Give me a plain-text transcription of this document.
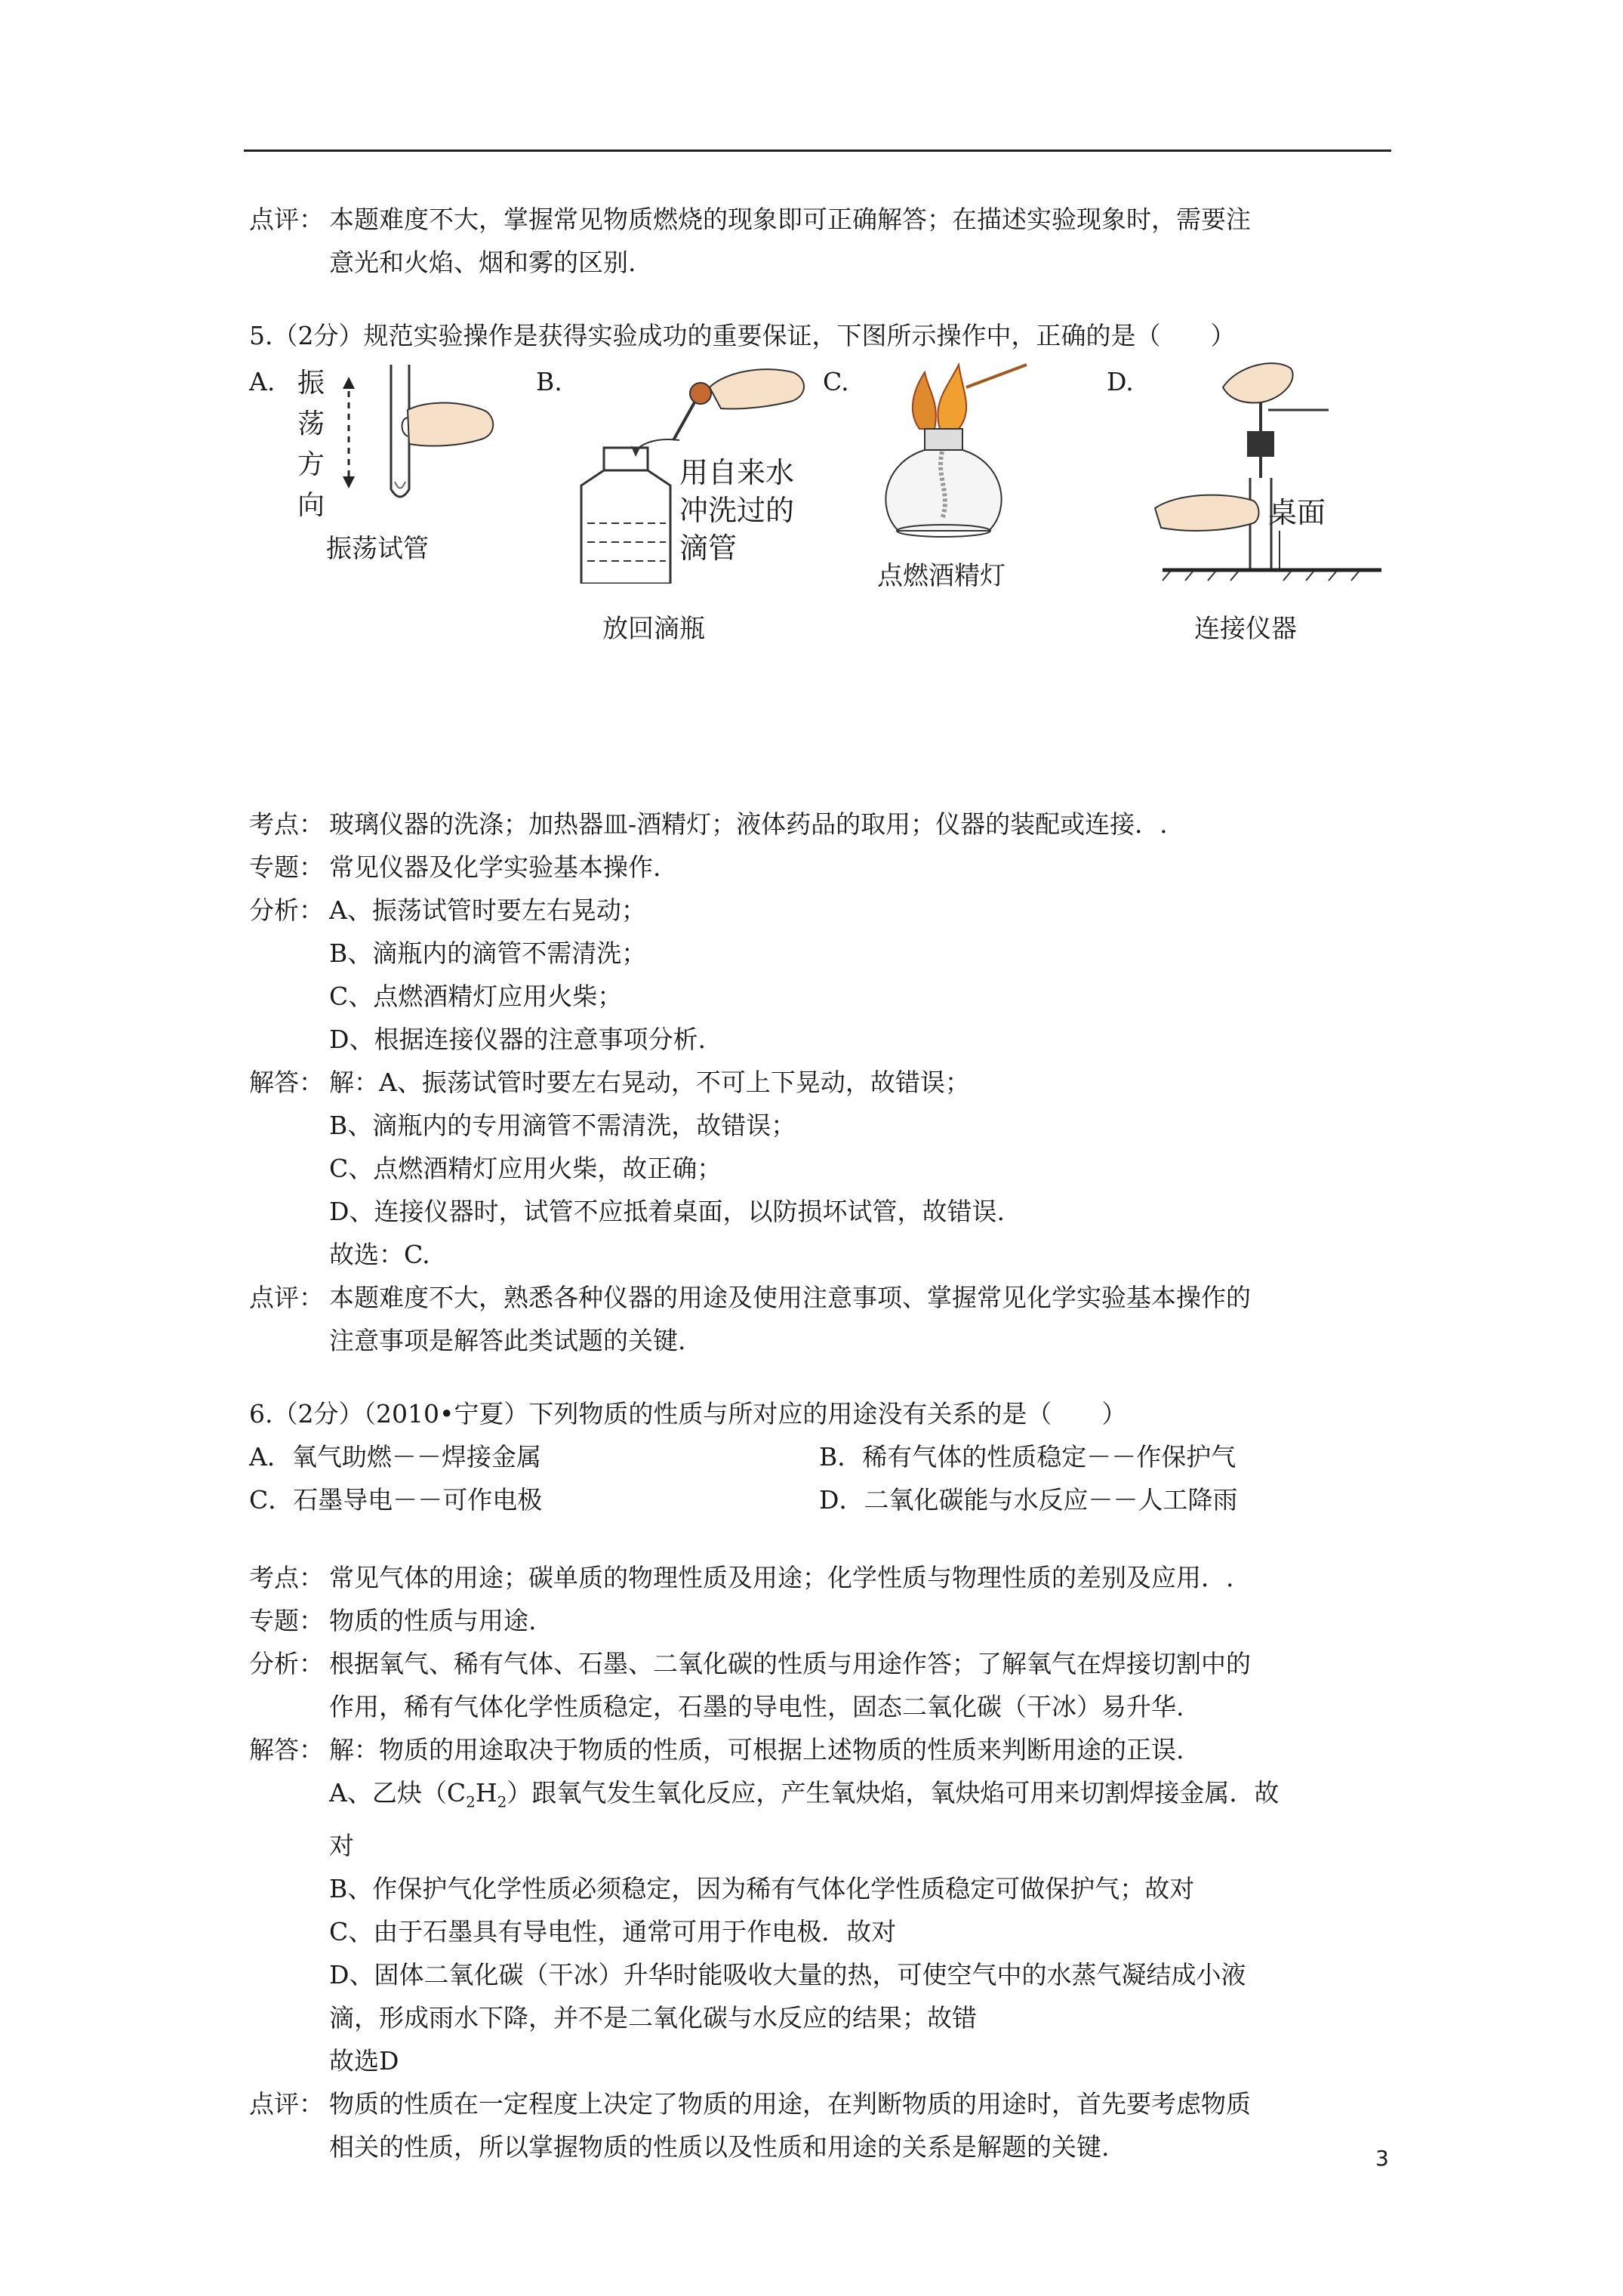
点评： 本题难度不大，掌握常见物质燃烧的现象即可正确解答；在描述实验现象时，需要注
意光和火焰、烟和雾的区别.
5.（2分）规范实验操作是获得实验成功的重要保证，下图所示操作中，正确的是（　　）
A.	B.	C.	D.
振
荡
方
向
振荡试管
用自来水
冲洗过的
滴管
放回滴瓶
点燃酒精灯
桌面
连接仪器
考点： 玻璃仪器的洗涤；加热器皿-酒精灯；液体药品的取用；仪器的装配或连接．.
专题： 常见仪器及化学实验基本操作.
分析： A、振荡试管时要左右晃动；
B、滴瓶内的滴管不需清洗；
C、点燃酒精灯应用火柴；
D、根据连接仪器的注意事项分析.
解答： 解：A、振荡试管时要左右晃动，不可上下晃动，故错误；
B、滴瓶内的专用滴管不需清洗，故错误；
C、点燃酒精灯应用火柴，故正确；
D、连接仪器时，试管不应抵着桌面，以防损坏试管，故错误.
故选：C.
点评： 本题难度不大，熟悉各种仪器的用途及使用注意事项、掌握常见化学实验基本操作的
注意事项是解答此类试题的关键.
6.（2分）（2010•宁夏）下列物质的性质与所对应的用途没有关系的是（　　）
A．氧气助燃－－焊接金属	B．稀有气体的性质稳定－－作保护气
C．石墨导电－－可作电极	D．二氧化碳能与水反应－－人工降雨
考点： 常见气体的用途；碳单质的物理性质及用途；化学性质与物理性质的差别及应用．.
专题： 物质的性质与用途.
分析： 根据氧气、稀有气体、石墨、二氧化碳的性质与用途作答；了解氧气在焊接切割中的
作用，稀有气体化学性质稳定，石墨的导电性，固态二氧化碳（干冰）易升华.
解答： 解：物质的用途取决于物质的性质，可根据上述物质的性质来判断用途的正误.
A、乙炔$(C_2H_2)$跟氧气发生氧化反应，产生氧炔焰，氧炔焰可用来切割焊接金属．故
对
B、作保护气化学性质必须稳定，因为稀有气体化学性质稳定可做保护气；故对
C、由于石墨具有导电性，通常可用于作电极．故对
D、固体二氧化碳（干冰）升华时能吸收大量的热，可使空气中的水蒸气凝结成小液
滴，形成雨水下降，并不是二氧化碳与水反应的结果；故错
故选D
点评： 物质的性质在一定程度上决定了物质的用途，在判断物质的用途时，首先要考虑物质
相关的性质，所以掌握物质的性质以及性质和用途的关系是解题的关键.	3
